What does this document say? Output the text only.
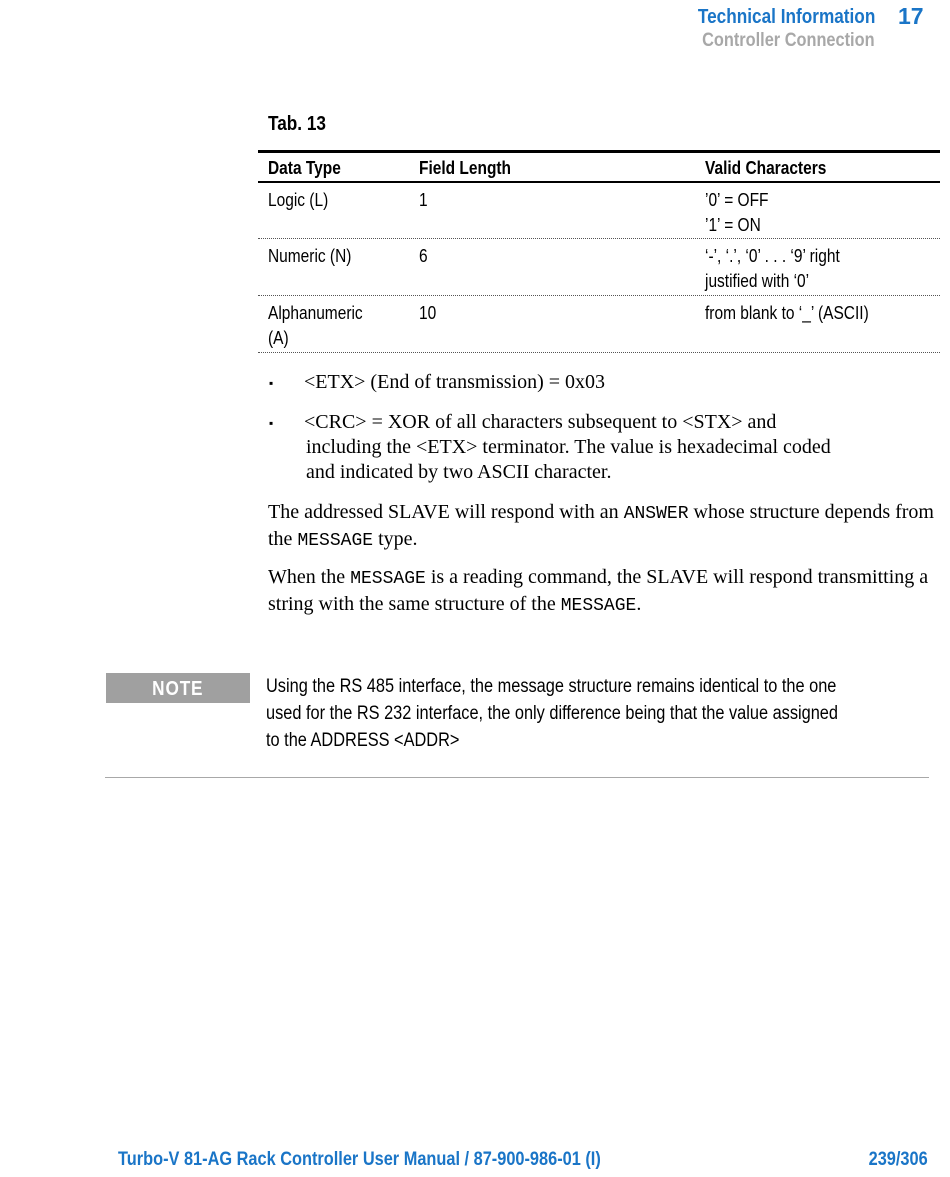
Technical Information 17
Controller Connection
Tab. 13
Data Type	Field Length	Valid Characters
Logic (L)	1	’0’ = OFF
’1’ = ON
Numeric (N)	6	‘-’, ‘.’, ‘0’ . . . ‘9’ right
justified with ‘0’
Alphanumeric
(A)
10	from blank to ‘_’ (ASCII)
▪ <ETX> (End of transmission) = 0x03
▪ <CRC> = XOR of all characters subsequent to <STX> and
including the <ETX> terminator. The value is hexadecimal coded
and indicated by two ASCII character.
The addressed SLAVE will respond with an ANSWER whose structure depends from the MESSAGE type.
When the MESSAGE is a reading command, the SLAVE will respond transmitting a string with the same structure of the MESSAGE.
NOTE	Using the RS 485 interface, the message structure remains identical to the one
used for the RS 232 interface, the only difference being that the value assigned
to the ADDRESS <ADDR>
Turbo-V 81-AG Rack Controller User Manual / 87-900-986-01 (I)	239/306
